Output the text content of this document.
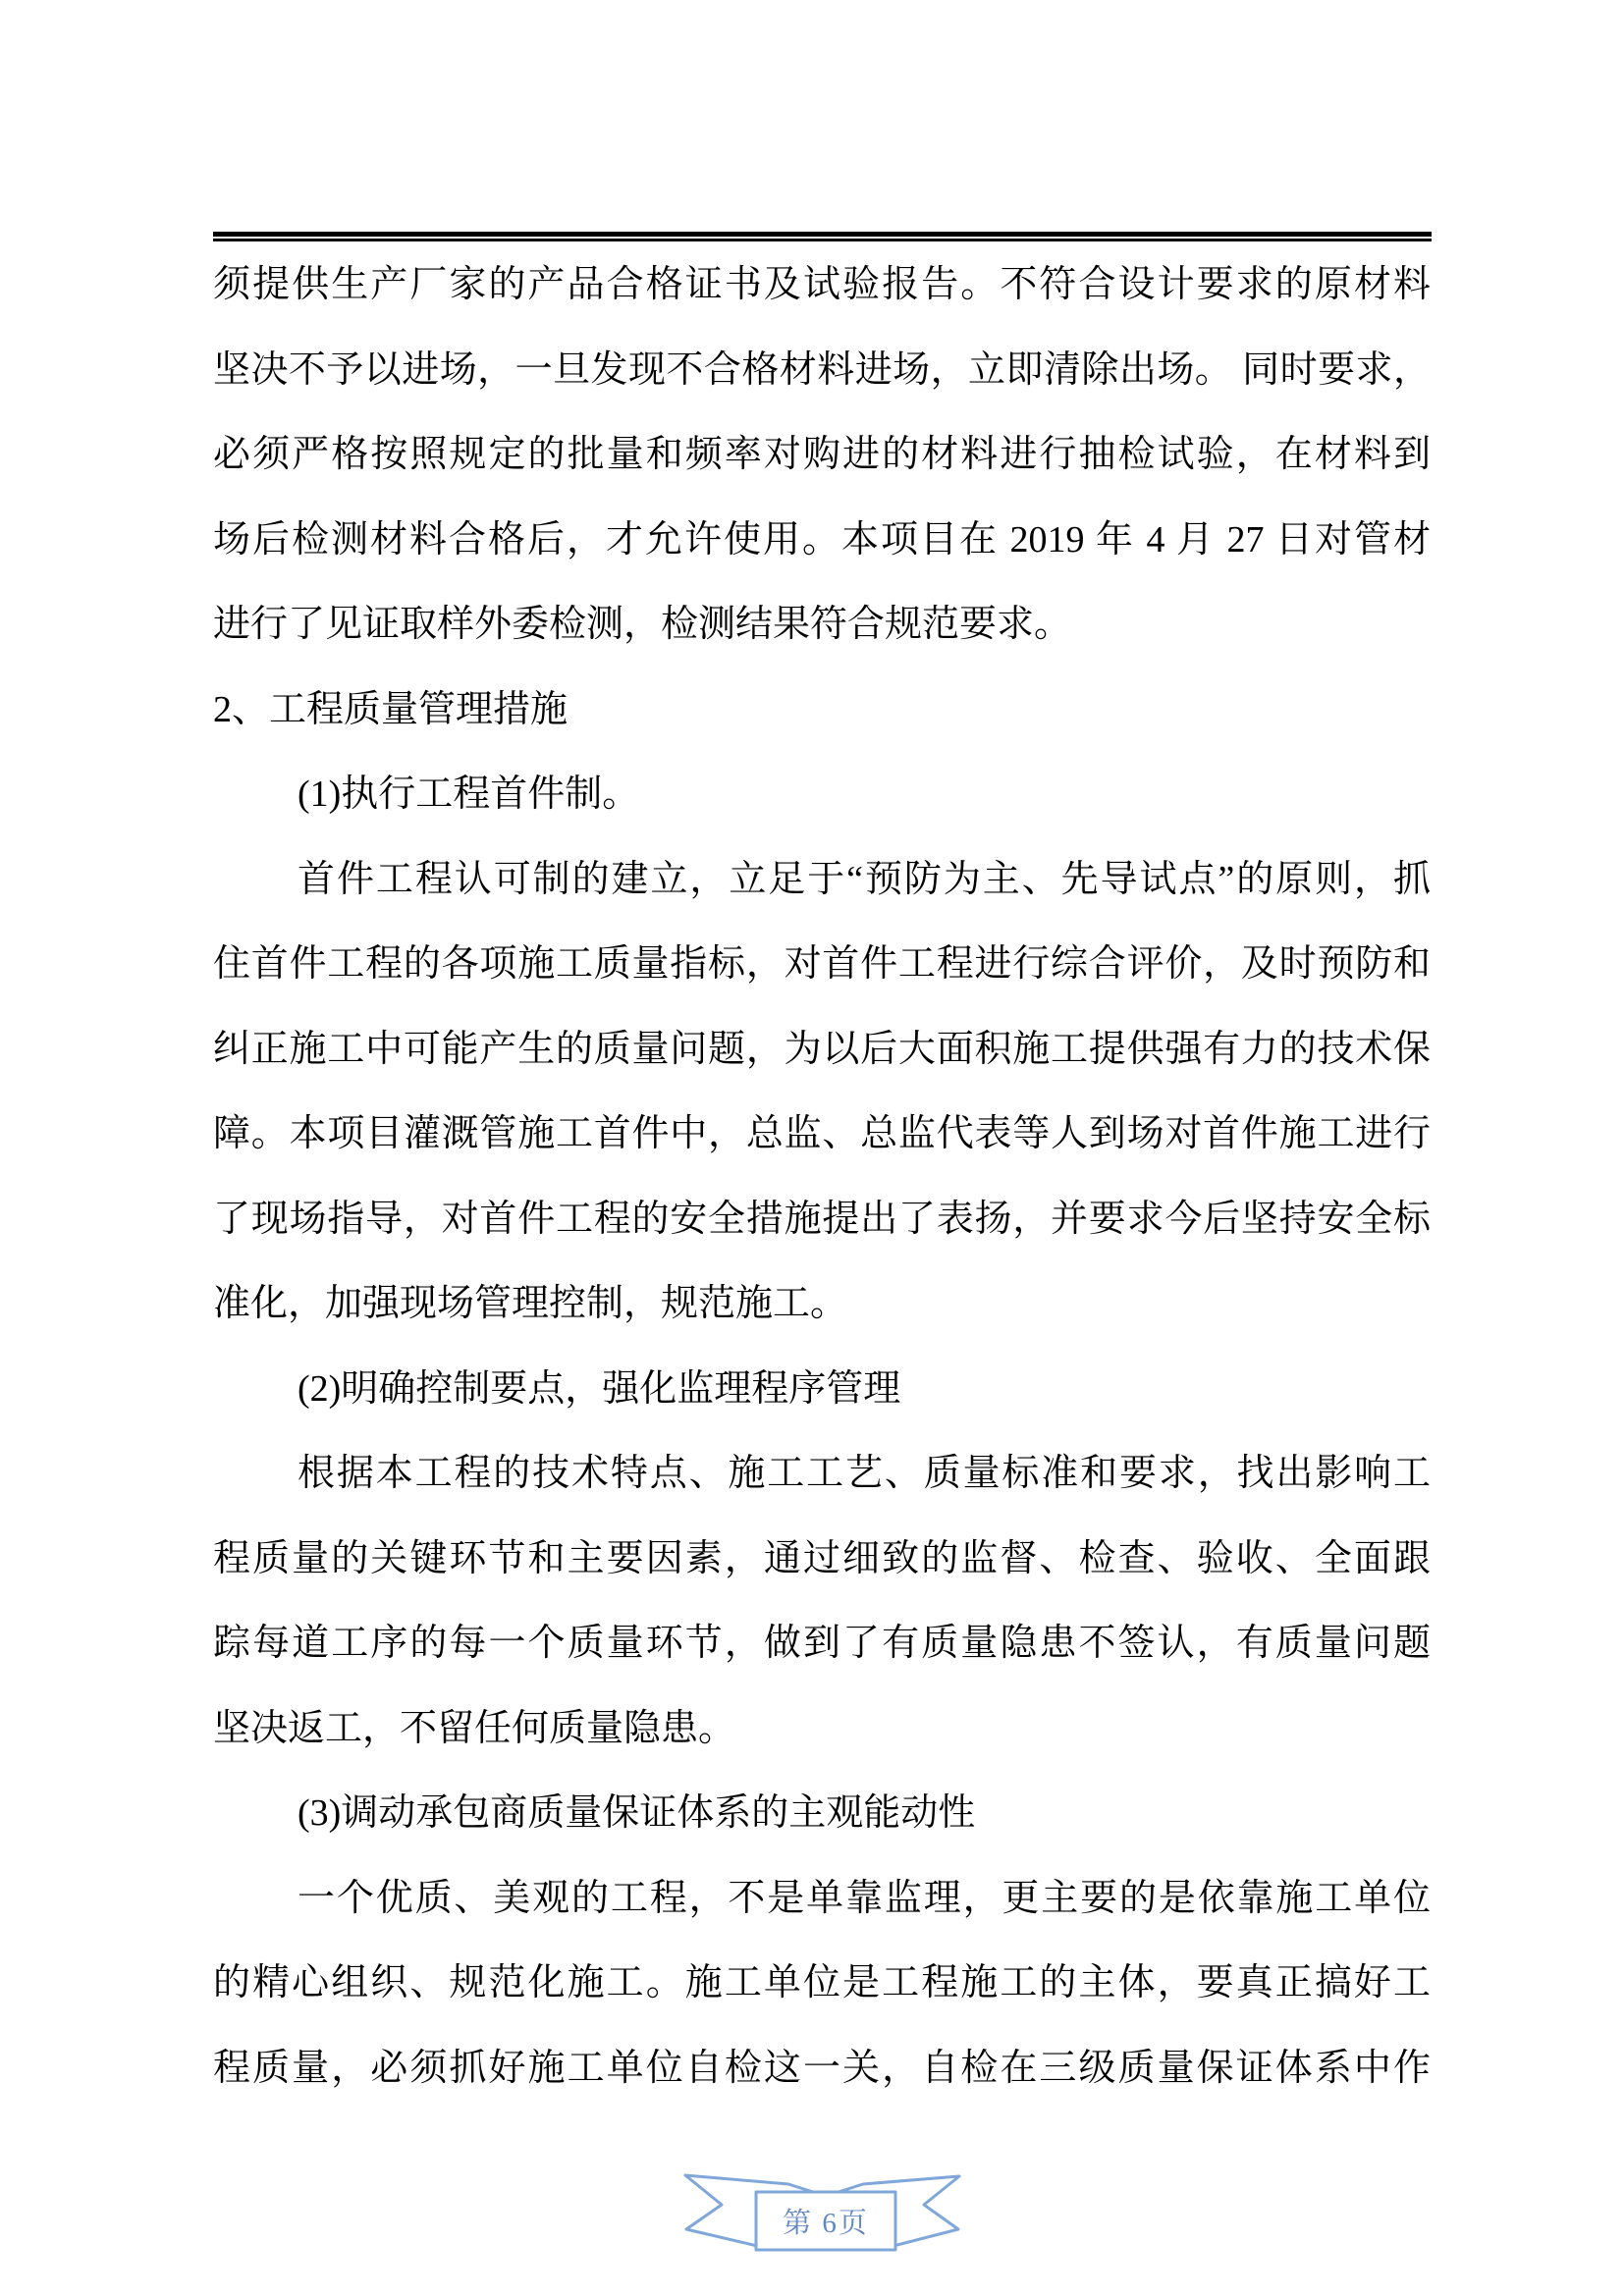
须提供生产厂家的产品合格证书及试验报告。不符合设计要求的原材料
坚决不予以进场，一旦发现不合格材料进场，立即清除出场。 同时要求，
必须严格按照规定的批量和频率对购进的材料进行抽检试验，在材料到
场后检测材料合格后，才允许使用。本项目在 2019 年 4 月 27 日对管材
进行了见证取样外委检测，检测结果符合规范要求。
2、工程质量管理措施
(1)执行工程首件制。
首件工程认可制的建立，立足于“预防为主、先导试点”的原则，抓
住首件工程的各项施工质量指标，对首件工程进行综合评价，及时预防和
纠正施工中可能产生的质量问题，为以后大面积施工提供强有力的技术保
障。本项目灌溉管施工首件中，总监、总监代表等人到场对首件施工进行
了现场指导，对首件工程的安全措施提出了表扬，并要求今后坚持安全标
准化，加强现场管理控制，规范施工。
(2)明确控制要点，强化监理程序管理
根据本工程的技术特点、施工工艺、质量标准和要求，找出影响工
程质量的关键环节和主要因素，通过细致的监督、检查、验收、全面跟
踪每道工序的每一个质量环节，做到了有质量隐患不签认，有质量问题
坚决返工，不留任何质量隐患。
(3)调动承包商质量保证体系的主观能动性
一个优质、美观的工程，不是单靠监理，更主要的是依靠施工单位
的精心组织、规范化施工。施工单位是工程施工的主体，要真正搞好工
程质量，必须抓好施工单位自检这一关，自检在三级质量保证体系中作
第 6页
